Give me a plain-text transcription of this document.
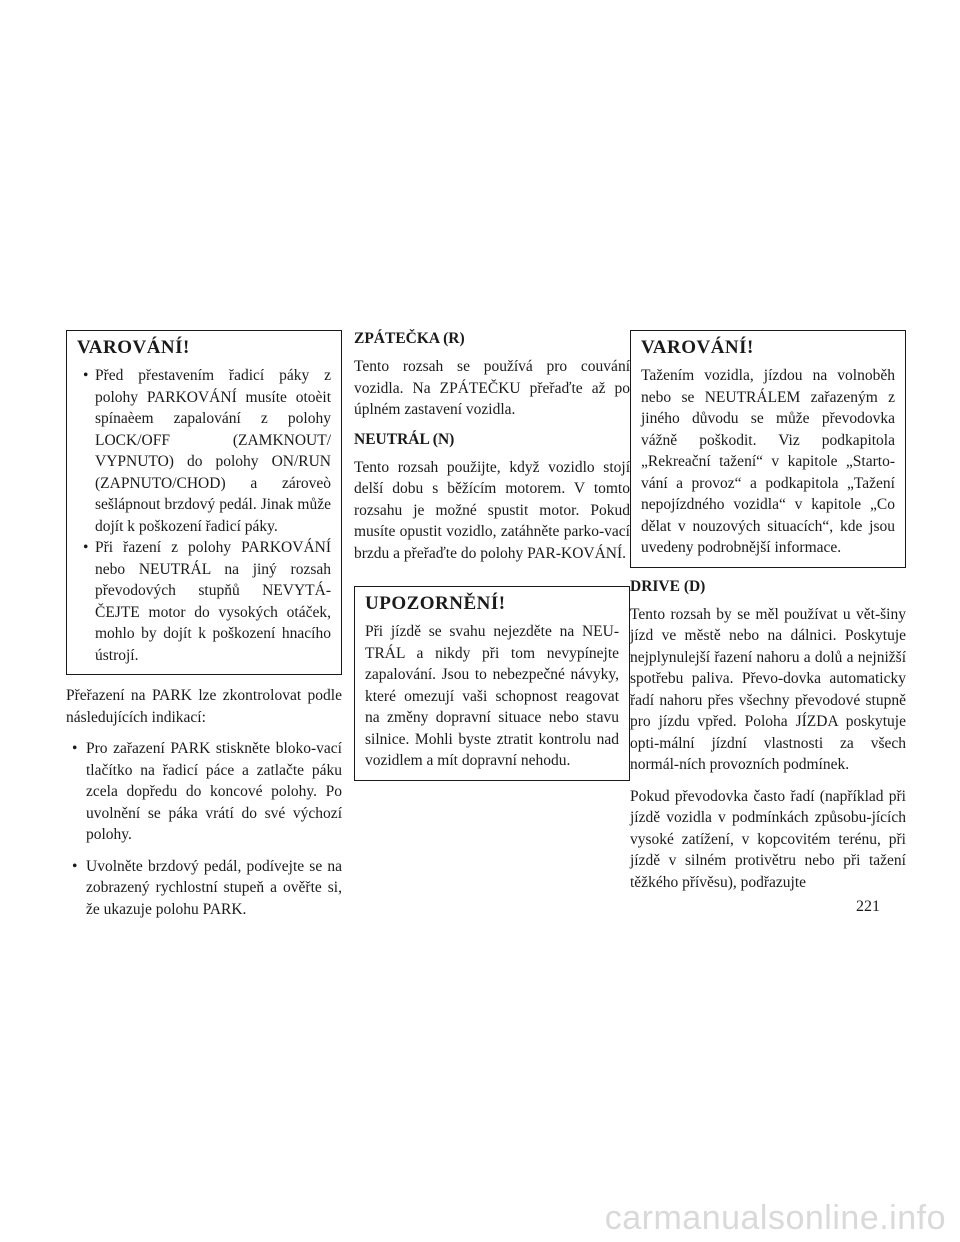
VAROVÁNÍ!
• Před přestavením řadicí páky z polohy PARKOVÁNÍ musíte otoèit spínaèem zapalování z polohy LOCK/OFF (ZAMKNOUT/ VYPNUTO) do polohy ON/RUN (ZAPNUTO/CHOD) a zároveò sešlápnout brzdový pedál. Jinak může dojít k poškození řadicí páky.
• Při řazení z polohy PARKOVÁNÍ nebo NEUTRÁL na jiný rozsah převodových stupňů NEVYTÁ-ČEJTE motor do vysokých otáček, mohlo by dojít k poškození hnacího ústrojí.

Přeřazení na PARK lze zkontrolovat podle následujících indikací:

• Pro zařazení PARK stiskněte bloko-vací tlačítko na řadicí páce a zatlačte páku zcela dopředu do koncové polohy. Po uvolnění se páka vrátí do své výchozí polohy.
• Uvolněte brzdový pedál, podívejte se na zobrazený rychlostní stupeň a ověřte si, že ukazuje polohu PARK.
ZPÁTEČKA (R)

Tento rozsah se používá pro couvání vozidla. Na ZPÁTEČKU přeřaďte až po úplném zastavení vozidla.

NEUTRÁL (N)

Tento rozsah použijte, když vozidlo stojí delší dobu s běžícím motorem. V tomto rozsahu je možné spustit motor. Pokud musíte opustit vozidlo, zatáhněte parko-vací brzdu a přeřaďte do polohy PAR-KOVÁNÍ.

UPOZORNĚNÍ!

Při jízdě se svahu nejezděte na NEU-TRÁL a nikdy při tom nevypínejte zapalování. Jsou to nebezpečné návyky, které omezují vaši schopnost reagovat na změny dopravní situace nebo stavu silnice. Mohli byste ztratit kontrolu nad vozidlem a mít dopravní nehodu.

VAROVÁNÍ!

Tažením vozidla, jízdou na volnoběh nebo se NEUTRÁLEM zařazeným z jiného důvodu se může převodovka vážně poškodit. Viz podkapitola „Rekreační tažení“ v kapitole „Starto-vání a provoz“ a podkapitola „Tažení nepojízdného vozidla“ v kapitole „Co dělat v nouzových situacích“, kde jsou uvedeny podrobnější informace.

DRIVE (D)

Tento rozsah by se měl používat u vět-šiny jízd ve městě nebo na dálnici. Poskytuje nejplynulejší řazení nahoru a dolů a nejnižší spotřebu paliva. Převo-dovka automaticky řadí nahoru přes všechny převodové stupně pro jízdu vpřed. Poloha JÍZDA poskytuje opti-mální jízdní vlastnosti za všech normál-ních provozních podmínek.

Pokud převodovka často řadí (například při jízdě vozidla v podmínkách způsobu-jících vysoké zatížení, v kopcovitém terénu, při jízdě v silném protivětru nebo při tažení těžkého přívěsu), podřazujte

221
carmanualsonline.info
